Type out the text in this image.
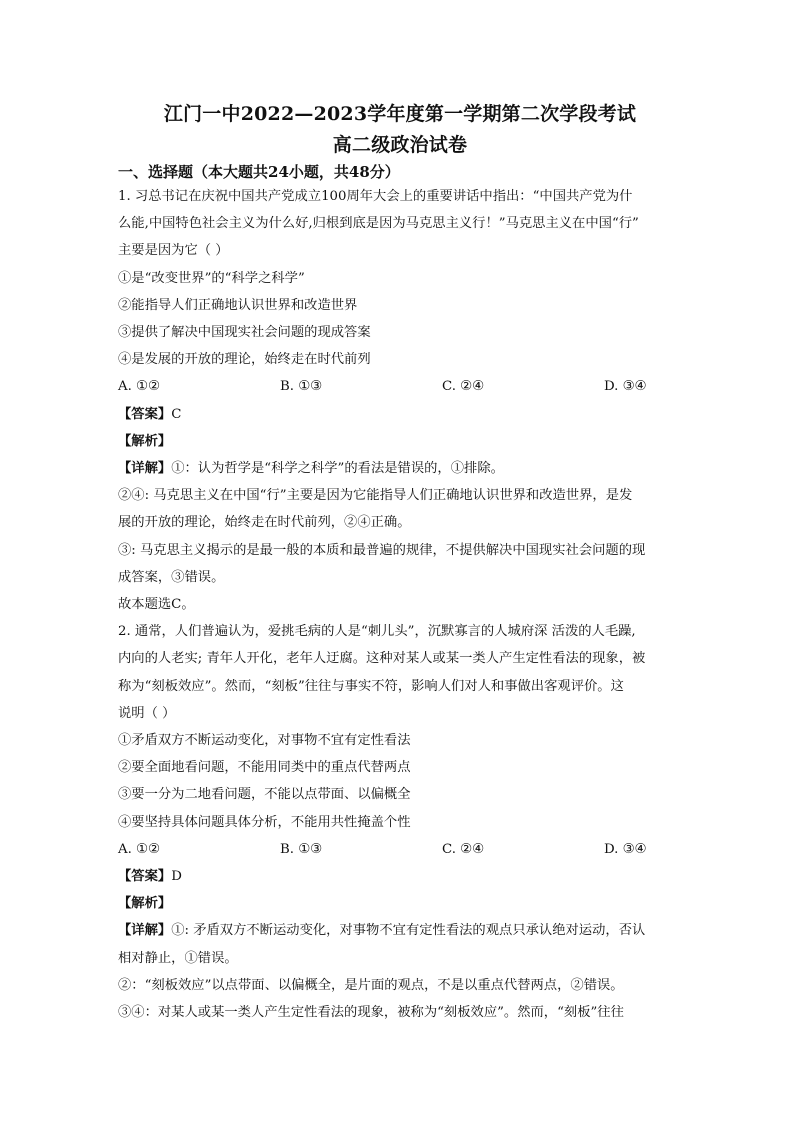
江门一中2022—2023学年度第一学期第二次学段考试
高二级政治试卷
一、选择题（本大题共24小题，共48分）
1. 习总书记在庆祝中国共产党成立100周年大会上的重要讲话中指出：“中国共产党为什
么能,中国特色社会主义为什么好,归根到底是因为马克思主义行！”马克思主义在中国“行”
主要是因为它（ ）
①是“改变世界”的“科学之科学”
②能指导人们正确地认识世界和改造世界
③提供了解决中国现实社会问题的现成答案
④是发展的开放的理论，始终走在时代前列
A. ①②	B. ①③	C. ②④	D. ③④
【答案】C
【解析】
【详解】①：认为哲学是“科学之科学”的看法是错误的，①排除。
②④: 马克思主义在中国“行”主要是因为它能指导人们正确地认识世界和改造世界，是发
展的开放的理论，始终走在时代前列，②④正确。
③: 马克思主义揭示的是最一般的本质和最普遍的规律，不提供解决中国现实社会问题的现
成答案，③错误。
故本题选C。
2. 通常，人们普遍认为，爱挑毛病的人是“刺儿头”，沉默寡言的人城府深 活泼的人毛躁,
内向的人老实; 青年人开化，老年人迂腐。这种对某人或某一类人产生定性看法的现象，被
称为“刻板效应”。然而，“刻板”往往与事实不符，影响人们对人和事做出客观评价。这
说明（ ）
①矛盾双方不断运动变化，对事物不宜有定性看法
②要全面地看问题，不能用同类中的重点代替两点
③要一分为二地看问题，不能以点带面、以偏概全
④要坚持具体问题具体分析，不能用共性掩盖个性
A. ①②	B. ①③	C. ②④	D. ③④
【答案】D
【解析】
【详解】①: 矛盾双方不断运动变化，对事物不宜有定性看法的观点只承认绝对运动，否认
相对静止，①错误。
②：“刻板效应”以点带面、以偏概全，是片面的观点，不是以重点代替两点，②错误。
③④：对某人或某一类人产生定性看法的现象，被称为“刻板效应”。然而，“刻板”往往
